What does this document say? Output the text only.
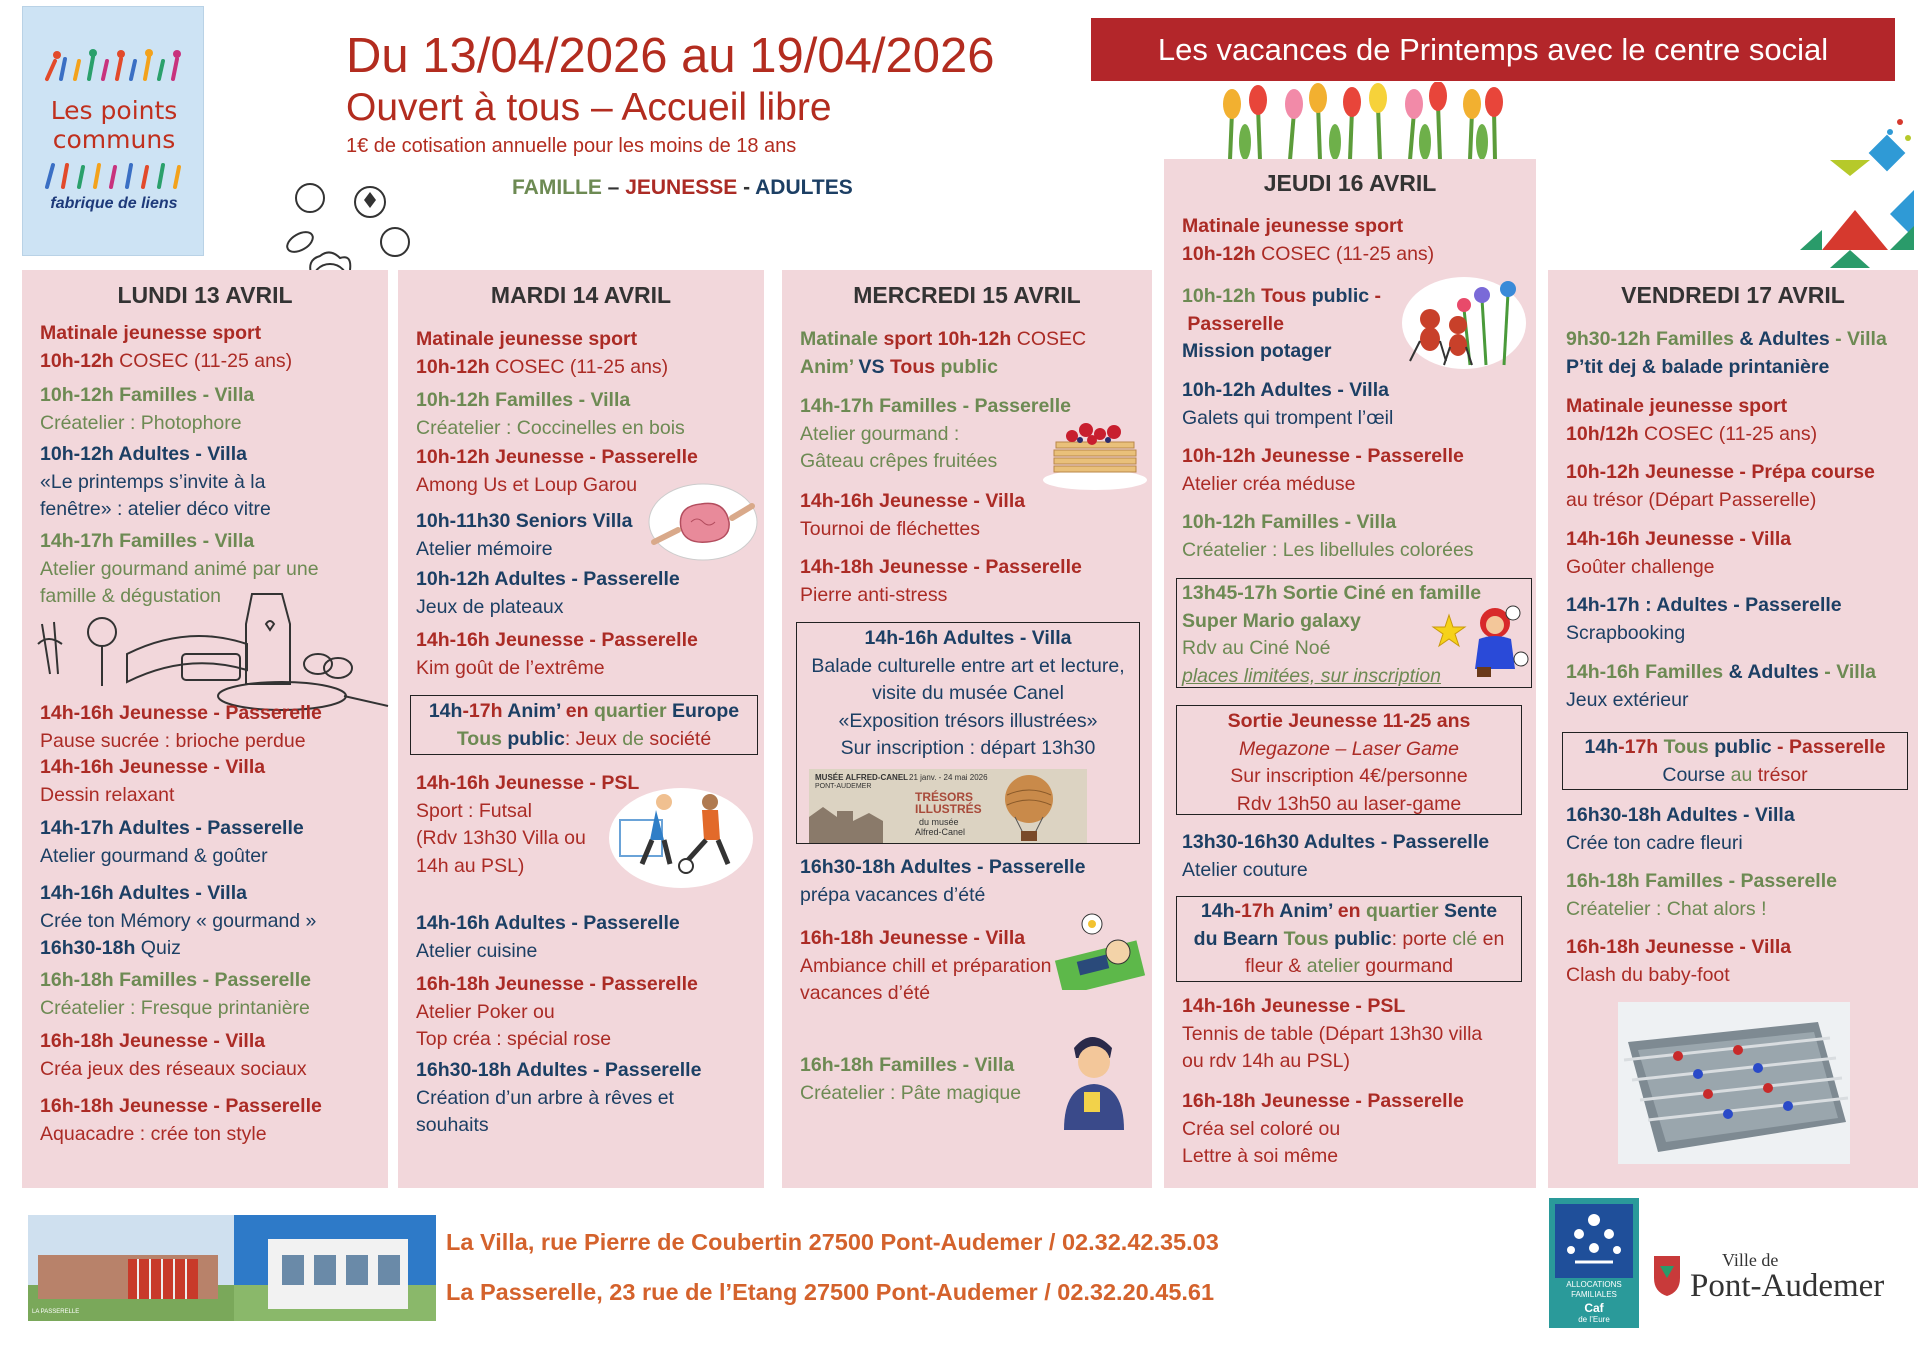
Les points
communs
fabrique de liens
Du 13/04/2026 au 19/04/2026
Ouvert à tous – Accueil libre
1€ de cotisation annuelle pour les moins de 18 ans
FAMILLE – JEUNESSE - ADULTES
Les vacances de Printemps avec le centre social
LUNDI 13 AVRIL
Matinale jeunesse sport
10h-12h COSEC (11-25 ans)
10h-12h Familles - Villa
Créatelier : Photophore
10h-12h Adultes - Villa
«Le printemps s’invite à la
fenêtre» : atelier déco vitre
14h-17h Familles - Villa
Atelier gourmand animé par une
famille & dégustation
14h-16h Jeunesse - Passerelle
Pause sucrée : brioche perdue
14h-16h Jeunesse - Villa
Dessin relaxant
14h-17h Adultes - Passerelle
Atelier gourmand & goûter
14h-16h Adultes - Villa
Crée ton Mémory « gourmand »
16h30-18h Quiz
16h-18h Familles - Passerelle
Créatelier : Fresque printanière
16h-18h Jeunesse - Villa
Créa jeux des réseaux sociaux
16h-18h Jeunesse - Passerelle
Aquacadre : crée ton style
MARDI 14 AVRIL
Matinale jeunesse sport
10h-12h COSEC (11-25 ans)
10h-12h Familles - Villa
Créatelier : Coccinelles en bois
10h-12h Jeunesse - Passerelle
Among Us et Loup Garou
10h-11h30 Seniors Villa
Atelier mémoire
10h-12h Adultes - Passerelle
Jeux de plateaux
14h-16h Jeunesse - Passerelle
Kim goût de l’extrême
14h-17h Anim’ en quartier Europe
Tous public: Jeux de société
14h-16h Jeunesse - PSL
Sport : Futsal
(Rdv 13h30 Villa ou
14h au PSL)
14h-16h Adultes - Passerelle
Atelier cuisine
16h-18h Jeunesse - Passerelle
Atelier Poker ou
Top créa : spécial rose
16h30-18h Adultes - Passerelle
Création d’un arbre à rêves et
souhaits
MERCREDI 15 AVRIL
Matinale sport 10h-12h COSEC
Anim’ VS Tous public
14h-17h Familles - Passerelle
Atelier gourmand :
Gâteau crêpes fruitées
14h-16h Jeunesse - Villa
Tournoi de fléchettes
14h-18h Jeunesse - Passerelle
Pierre anti-stress
14h-16h Adultes - Villa
Balade culturelle entre art et lecture,
visite du musée Canel
«Exposition trésors illustrées»
Sur inscription : départ 13h30
MUSÉE ALFRED-CANEL 21 janv. - 24 mai 2026
PONT-AUDEMER
TRÉSORS
ILLUSTRÉS
du musée
Alfred-Canel
16h30-18h Adultes - Passerelle
prépa vacances d’été
16h-18h Jeunesse - Villa
Ambiance chill et préparation
vacances d’été
16h-18h Familles - Villa
Créatelier : Pâte magique
JEUDI 16 AVRIL
Matinale jeunesse sport
10h-12h COSEC (11-25 ans)
10h-12h Tous public -
Passerelle
Mission potager
10h-12h Adultes - Villa
Galets qui trompent l’œil
10h-12h Jeunesse - Passerelle
Atelier créa méduse
10h-12h Familles - Villa
Créatelier : Les libellules colorées
13h45-17h Sortie Ciné en famille
Super Mario galaxy
Rdv au Ciné Noé
places limitées, sur inscription
Sortie Jeunesse 11-25 ans
Megazone – Laser Game
Sur inscription 4€/personne
Rdv 13h50 au laser-game
13h30-16h30 Adultes - Passerelle
Atelier couture
14h-17h Anim’ en quartier Sente
du Bearn Tous public: porte clé en
fleur & atelier gourmand
14h-16h Jeunesse - PSL
Tennis de table (Départ 13h30 villa
ou rdv 14h au PSL)
16h-18h Jeunesse - Passerelle
Créa sel coloré ou
Lettre à soi même
VENDREDI 17 AVRIL
9h30-12h Familles & Adultes - Villa
P’tit dej & balade printanière
Matinale jeunesse sport
10h/12h COSEC (11-25 ans)
10h-12h Jeunesse - Prépa course
au trésor (Départ Passerelle)
14h-16h Jeunesse - Villa
Goûter challenge
14h-17h : Adultes - Passerelle
Scrapbooking
14h-16h Familles & Adultes - Villa
Jeux extérieur
14h-17h Tous public - Passerelle
Course au trésor
16h30-18h Adultes - Villa
Crée ton cadre fleuri
16h-18h Familles - Passerelle
Créatelier : Chat alors !
16h-18h Jeunesse - Villa
Clash du baby-foot
LA PASSERELLE
La Villa, rue Pierre de Coubertin 27500 Pont-Audemer / 02.32.42.35.03
La Passerelle, 23 rue de l’Etang 27500 Pont-Audemer / 02.32.20.45.61	ALLOCATIONS
FAMILIALES
Caf
de l’Eure
Ville de
Pont-Audemer
